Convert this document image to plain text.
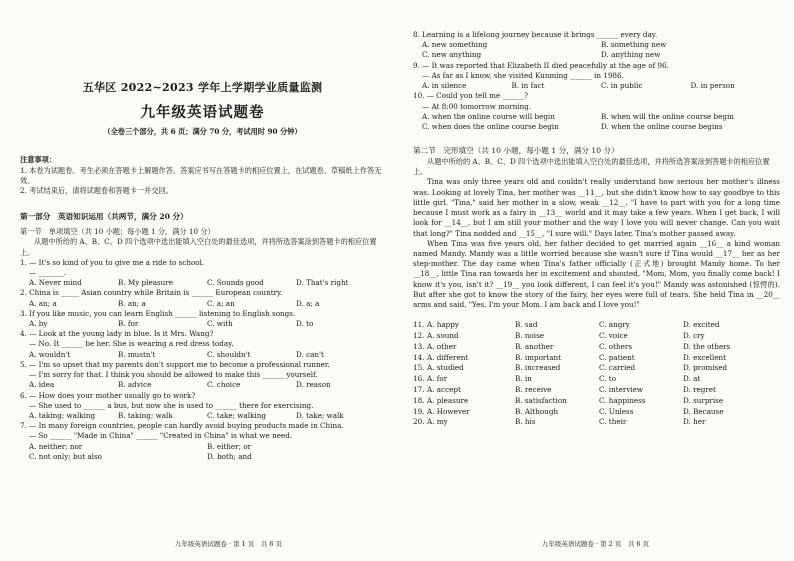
五华区 2022~2023 学年上学期学业质量监测
九年级英语试题卷
（全卷三个部分，共 6 页；满分 70 分，考试用时 90 分钟）
注意事项：

1. 本卷为试题卷。考生必须在答题卡上解题作答。答案应书写在答题卡的相应位置上，在试题卷、草稿纸上作答无效。

2. 考试结束后，请将试题卷和答题卡一并交回。

第一部分　英语知识运用（共两节，满分 20 分）
第一节　单项填空（共 10 小题；每小题 1 分，满分 10 分）
从题中所给的 A、B、C、D 四个选项中选出能填入空白处的最佳选项，并将所选答案涂到答题卡的相应位置上。
1. — It's so kind of you to give me a ride to school.
— _______.
A. Never mind	B. My pleasure	C. Sounds good	D. That's right
2. China is _____ Asian country while Britain is ______ European country.
A. an; a	B. an; a	C. a; an	D. a; a
3. If you like music, you can learn English ______ listening to English songs.
A. by	B. for	C. with	D. to
4. — Look at the young lady in blue. Is it Mrs. Wang?
— No. It ______ be her. She is wearing a red dress today.
A. wouldn't	B. mustn't	C. shouldn't	D. can't
5. — I'm so upset that my parents don't support me to become a professional runner.
— I'm sorry for that. I think you should be allowed to make this ______ yourself.
A. idea	B. advice	C. choice	D. reason
6. — How does your mother usually go to work?
— She used to ______ a bus, but now she is used to ______ there for exercising.
A. taking; walking	B. taking; walk	C. take; walking	D. take; walk
7. — In many foreign countries, people can hardly avoid buying products made in China.
— So ______ "Made in China" ______ "Created in China" is what we need.
A. neither; nor	B. either; or
C. not only; but also	D. both; and
九年级英语试题卷 · 第 1 页　共 6 页
8. Learning is a lifelong journey because it brings ______ every day.
A. new something	B. something new
C. new anything	D. anything new
9. — It was reported that Elizabeth II died peacefully at the age of 96.
— As far as I know, she visited Kunming ______ in 1986.
A. in silence	B. in fact	C. in public	D. in person
10. — Could you tell me ______?
— At 8:00 tomorrow morning.
A. when the online course will begin	B. when will the online course begin
C. when does the online course begin	D. when the online course begins
第二节　完形填空（共 10 小题，每小题 1 分，满分 10 分）
从题中所给的 A、B、C、D 四个选项中选出能填入空白处的最佳选项，并将所选答案涂到答题卡的相应位置上。

Tina was only three years old and couldn't really understand how serious her mother's illness was. Looking at lovely Tina, her mother was __11__, but she didn't know how to say goodbye to this little girl. "Tina," said her mother in a slow, weak __12__. "I have to part with you for a long time because I must work as a fairy in __13__ world and it may take a few years. When I get back, I will look for __14__, but I am still your mother and the way I love you will never change. Can you wait that long?" Tina nodded and __15__, "I sure will." Days later, Tina's mother passed away.

When Tina was five years old, her father decided to get married again __16__ a kind woman named Mandy. Mandy was a little worried because she wasn't sure if Tina would __17__ her as her step-mother. The day came when Tina's father officially (正式地) brought Mandy home. To her __18__, little Tina ran towards her in excitement and shouted, "Mom, Mom, you finally come back! I know it's you, isn't it? __19__ you look different, I can feel it's you!" Mandy was astonished (惊愕的). But after she got to know the story of the fairy, her eyes were full of tears. She held Tina in __20__ arms and said, "Yes, I'm your Mom. I am back and I love you!"

11. A. happy	B. sad	C. angry	D. excited
12. A. sound	B. noise	C. voice	D. cry
13. A. other	B. another	C. others	D. the others
14. A. different	B. important	C. patient	D. excellent
15. A. studied	B. increased	C. carried	D. promised
16. A. for	B. in	C. to	D. at
17. A. accept	B. receive	C. interview	D. regret
18. A. pleasure	B. satisfaction	C. happiness	D. surprise
19. A. However	B. Although	C. Unless	D. Because
20. A. my	B. his	C. their	D. her
九年级英语试题卷 · 第 2 页　共 6 页
